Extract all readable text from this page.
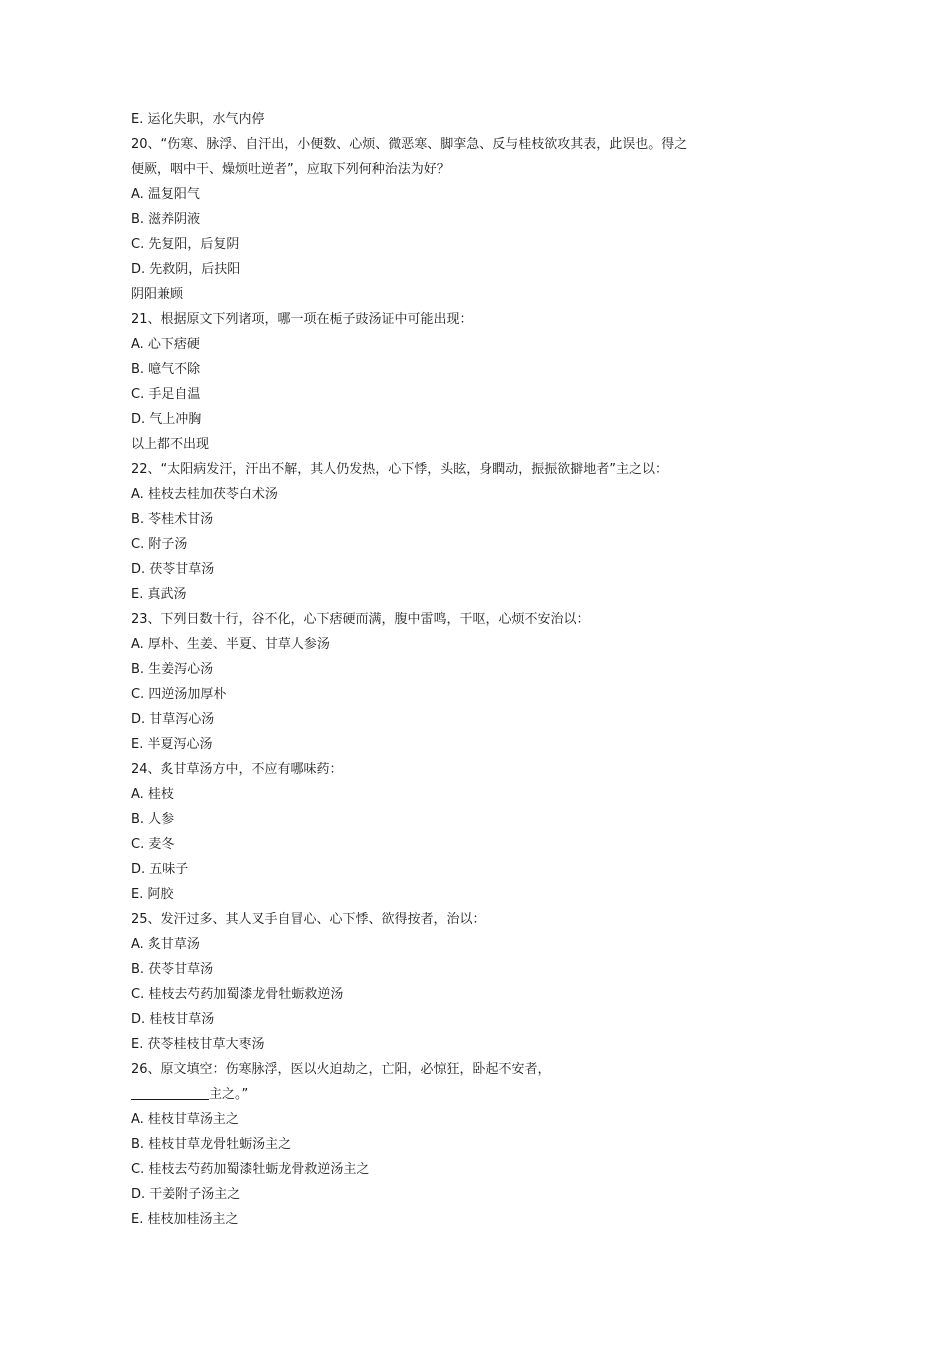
E. 运化失职，水气内停

20、“伤寒、脉浮、自汗出，小便数、心烦、微恶寒、脚挛急、反与桂枝欲攻其表，此误也。得之

便厥，咽中干、燥烦吐逆者”，应取下列何种治法为好？

A. 温复阳气

B. 滋养阴液

C. 先复阳，后复阴

D. 先救阴，后扶阳

阴阳兼顾

21、根据原文下列诸项，哪一项在栀子豉汤证中可能出现：

A. 心下痞硬

B. 噫气不除

C. 手足自温

D. 气上冲胸

以上都不出现

22、“太阳病发汗，汗出不解，其人仍发热，心下悸，头眩，身瞤动，振振欲擗地者”主之以：

A. 桂枝去桂加茯苓白术汤

B. 苓桂术甘汤

C. 附子汤

D. 茯苓甘草汤

E. 真武汤

23、下列日数十行，谷不化，心下痞硬而满，腹中雷鸣，干呕，心烦不安治以：

A. 厚朴、生姜、半夏、甘草人参汤

B. 生姜泻心汤

C. 四逆汤加厚朴

D. 甘草泻心汤

E. 半夏泻心汤

24、炙甘草汤方中，不应有哪味药：

A. 桂枝

B. 人参

C. 麦冬

D. 五味子

E. 阿胶

25、发汗过多、其人叉手自冒心、心下悸、欲得按者，治以：

A. 炙甘草汤

B. 茯苓甘草汤

C. 桂枝去芍药加蜀漆龙骨牡蛎救逆汤

D. 桂枝甘草汤

E. 茯苓桂枝甘草大枣汤

26、原文填空：伤寒脉浮，医以火迫劫之，亡阳，必惊狂，卧起不安者，

主之。”

A. 桂枝甘草汤主之

B. 桂枝甘草龙骨牡蛎汤主之

C. 桂枝去芍药加蜀漆牡蛎龙骨救逆汤主之

D. 干姜附子汤主之

E. 桂枝加桂汤主之
